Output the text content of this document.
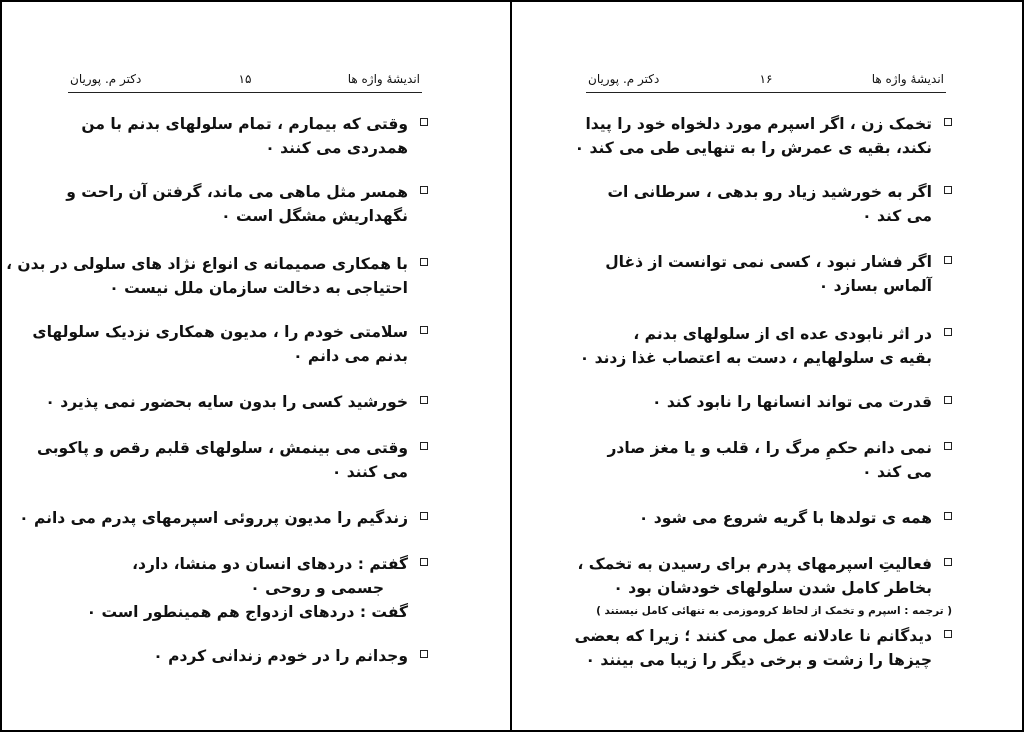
اندیشهٔ واژه ها
۱۵
دکتر م. پوریان
وقتی که بیمارم ، تمام سلولهای بدنم با من
همدردی می کنند ۰
همسر مثل ماهی می ماند، گرفتن آن راحت و
نگهداریش مشگل است ۰
با همکاری صمیمانه ی انواع نژاد های سلولی در بدن ،
احتیاجی به دخالت سازمان ملل نیست ۰
سلامتی خودم را ، مدیون همکاری نزدیک سلولهای
بدنم می دانم ۰
خورشید کسی را بدون سایه بحضور نمی پذیرد ۰
وقتی می بینمش ، سلولهای قلبم رقص و پاکوبی
می کنند ۰
زندگیم را مدیون پرروئی اسپرمهای پدرم می دانم ۰
گفتم : دردهای انسان دو منشا، دارد،
جسمی و روحی ۰
گفت : دردهای ازدواج هم همینطور است ۰
وجدانم را در خودم زندانی کردم ۰
اندیشهٔ واژه ها
۱۶
دکتر م. پوریان
تخمک زن ، اگر اسپرم مورد دلخواه خود را پیدا
نکند، بقیه ی عمرش را به تنهایی طی می کند ۰
اگر به خورشید زیاد رو بدهی ، سرطانی ات
می کند ۰
اگر فشار نبود ، کسی نمی توانست از ذغال
آلماس بسازد ۰
در اثر نابودی عده ای از سلولهای بدنم ،
بقیه ی سلولهایم ، دست به اعتصاب غذا زدند ۰
قدرت می تواند انسانها را نابود کند ۰
نمی دانم حکمِ مرگ را ، قلب و یا مغز صادر
می کند ۰
همه ی تولدها با گریه شروع می شود ۰
فعالیتِ اسپرمهای پدرم برای رسیدن به تخمک ،
بخاطر کامل شدن سلولهای خودشان بود ۰
( ترجمه : اسپرم و تخمک از لحاظ کروموزمی به تنهائی کامل نیستند )
دیدگانم نا عادلانه عمل می کنند ؛ زیرا که بعضی
چیزها را زشت و برخی دیگر را زیبا می بینند ۰
